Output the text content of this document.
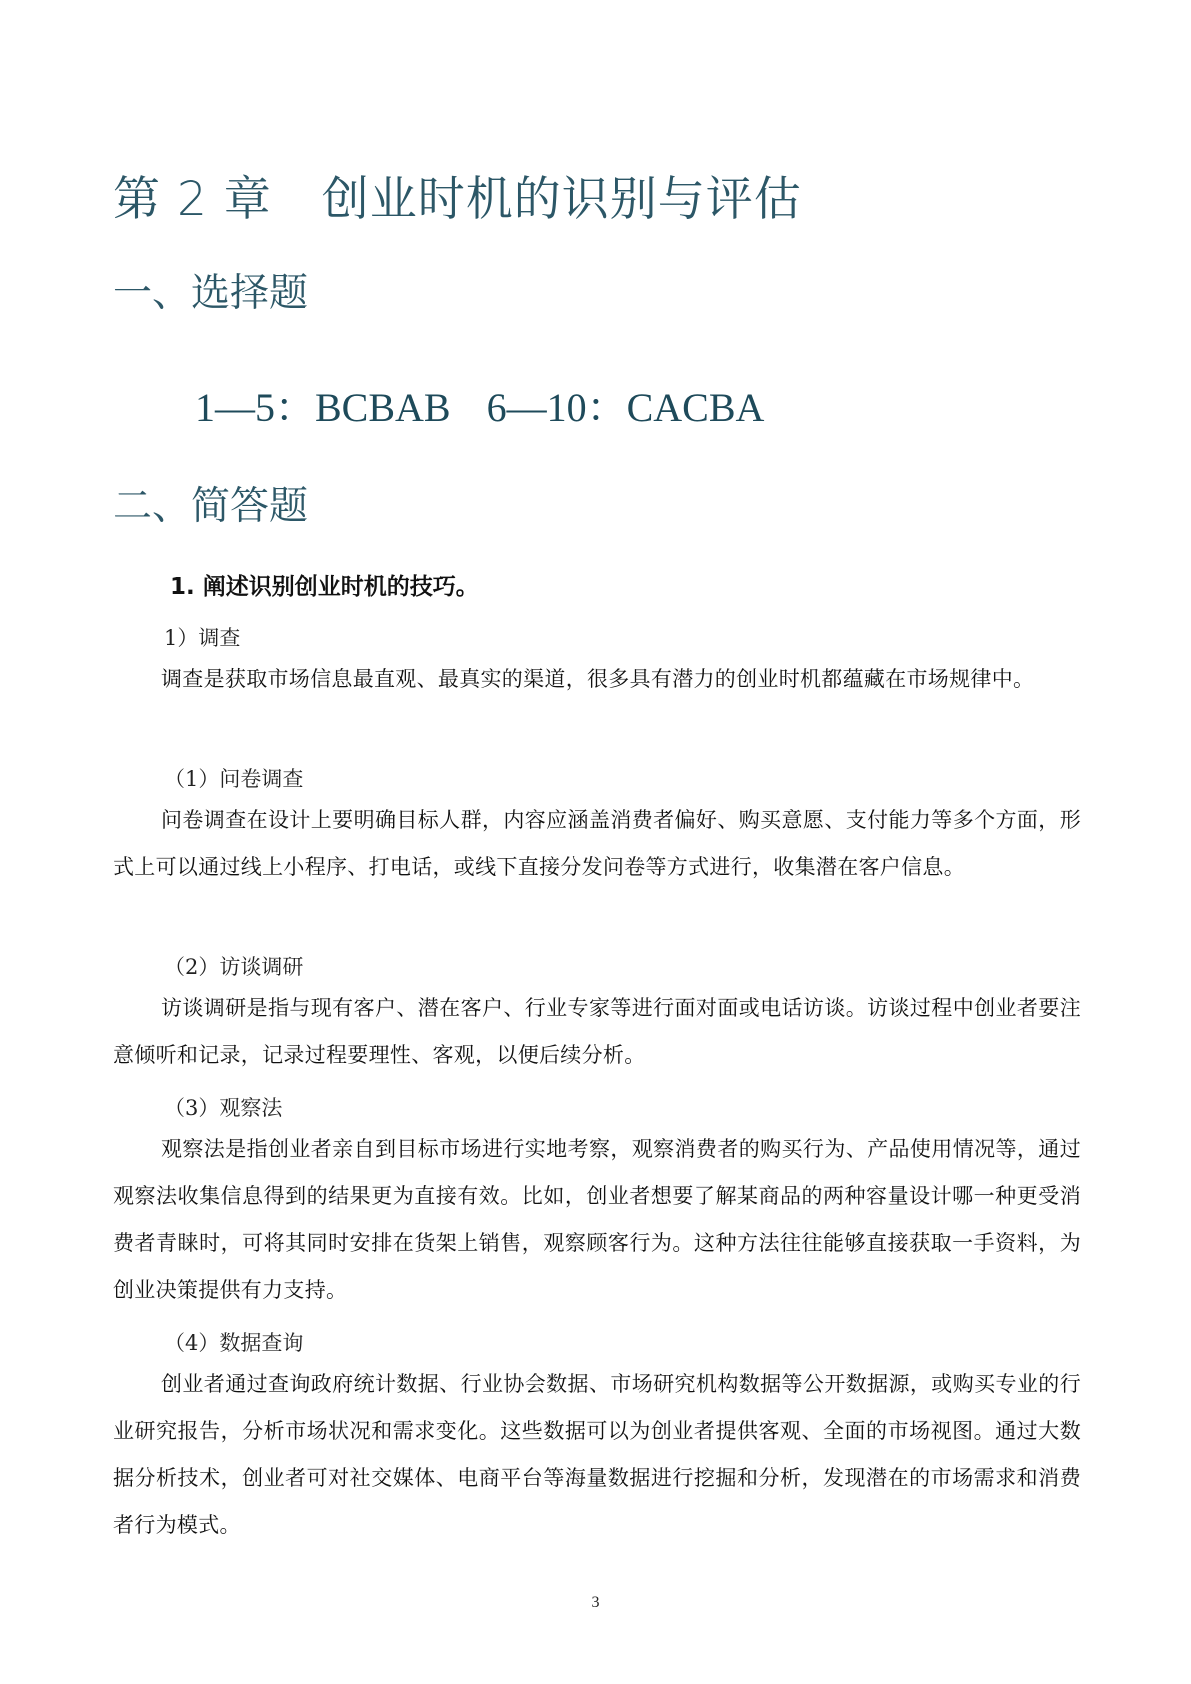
第 2 章 创业时机的识别与评估
一、选择题

1—5：BCBAB 6—10：CACBA

二、简答题

1. 阐述识别创业时机的技巧。

1）调查

调查是获取市场信息最直观、最真实的渠道，很多具有潜力的创业时机都蕴藏在市场规律中。

（1）问卷调查

问卷调查在设计上要明确目标人群，内容应涵盖消费者偏好、购买意愿、支付能力等多个方面，形式上可以通过线上小程序、打电话，或线下直接分发问卷等方式进行，收集潜在客户信息。

（2）访谈调研

访谈调研是指与现有客户、潜在客户、行业专家等进行面对面或电话访谈。访谈过程中创业者要注意倾听和记录，记录过程要理性、客观，以便后续分析。

（3）观察法

观察法是指创业者亲自到目标市场进行实地考察，观察消费者的购买行为、产品使用情况等，通过观察法收集信息得到的结果更为直接有效。比如，创业者想要了解某商品的两种容量设计哪一种更受消费者青睐时，可将其同时安排在货架上销售，观察顾客行为。这种方法往往能够直接获取一手资料，为创业决策提供有力支持。

（4）数据查询

创业者通过查询政府统计数据、行业协会数据、市场研究机构数据等公开数据源，或购买专业的行业研究报告，分析市场状况和需求变化。这些数据可以为创业者提供客观、全面的市场视图。通过大数据分析技术，创业者可对社交媒体、电商平台等海量数据进行挖掘和分析，发现潜在的市场需求和消费者行为模式。

3
